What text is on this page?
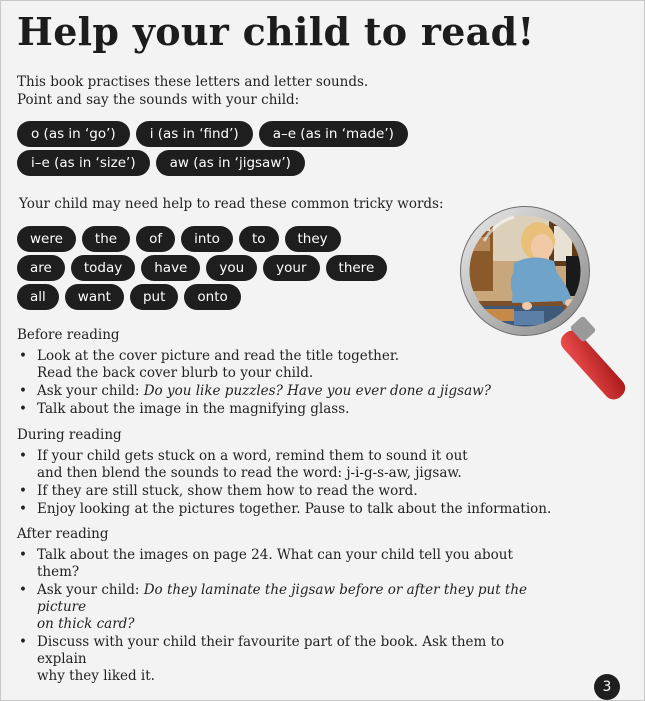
Help your child to read!
This book practises these letters and letter sounds.
Point and say the sounds with your child:
o (as in ‘go’)	i (as in ‘find’)	a–e (as in ‘made’)
i–e (as in ‘size’)	aw (as in ‘jigsaw’)
Your child may need help to read these common tricky words:
were	the	of	into	to	they
are	today	have	you	your	there
all	want	put	onto
Before reading
• Look at the cover picture and read the title together.
Read the back cover blurb to your child.
• Ask your child: Do you like puzzles? Have you ever done a jigsaw?
• Talk about the image in the magnifying glass.
During reading
• If your child gets stuck on a word, remind them to sound it out
and then blend the sounds to read the word: j-i-g-s-aw, jigsaw.
• If they are still stuck, show them how to read the word.
• Enjoy looking at the pictures together. Pause to talk about the information.
After reading
• Talk about the images on page 24. What can your child tell you about them?
• Ask your child: Do they laminate the jigsaw before or after they put the picture
on thick card?
• Discuss with your child their favourite part of the book. Ask them to explain
why they liked it.
3
